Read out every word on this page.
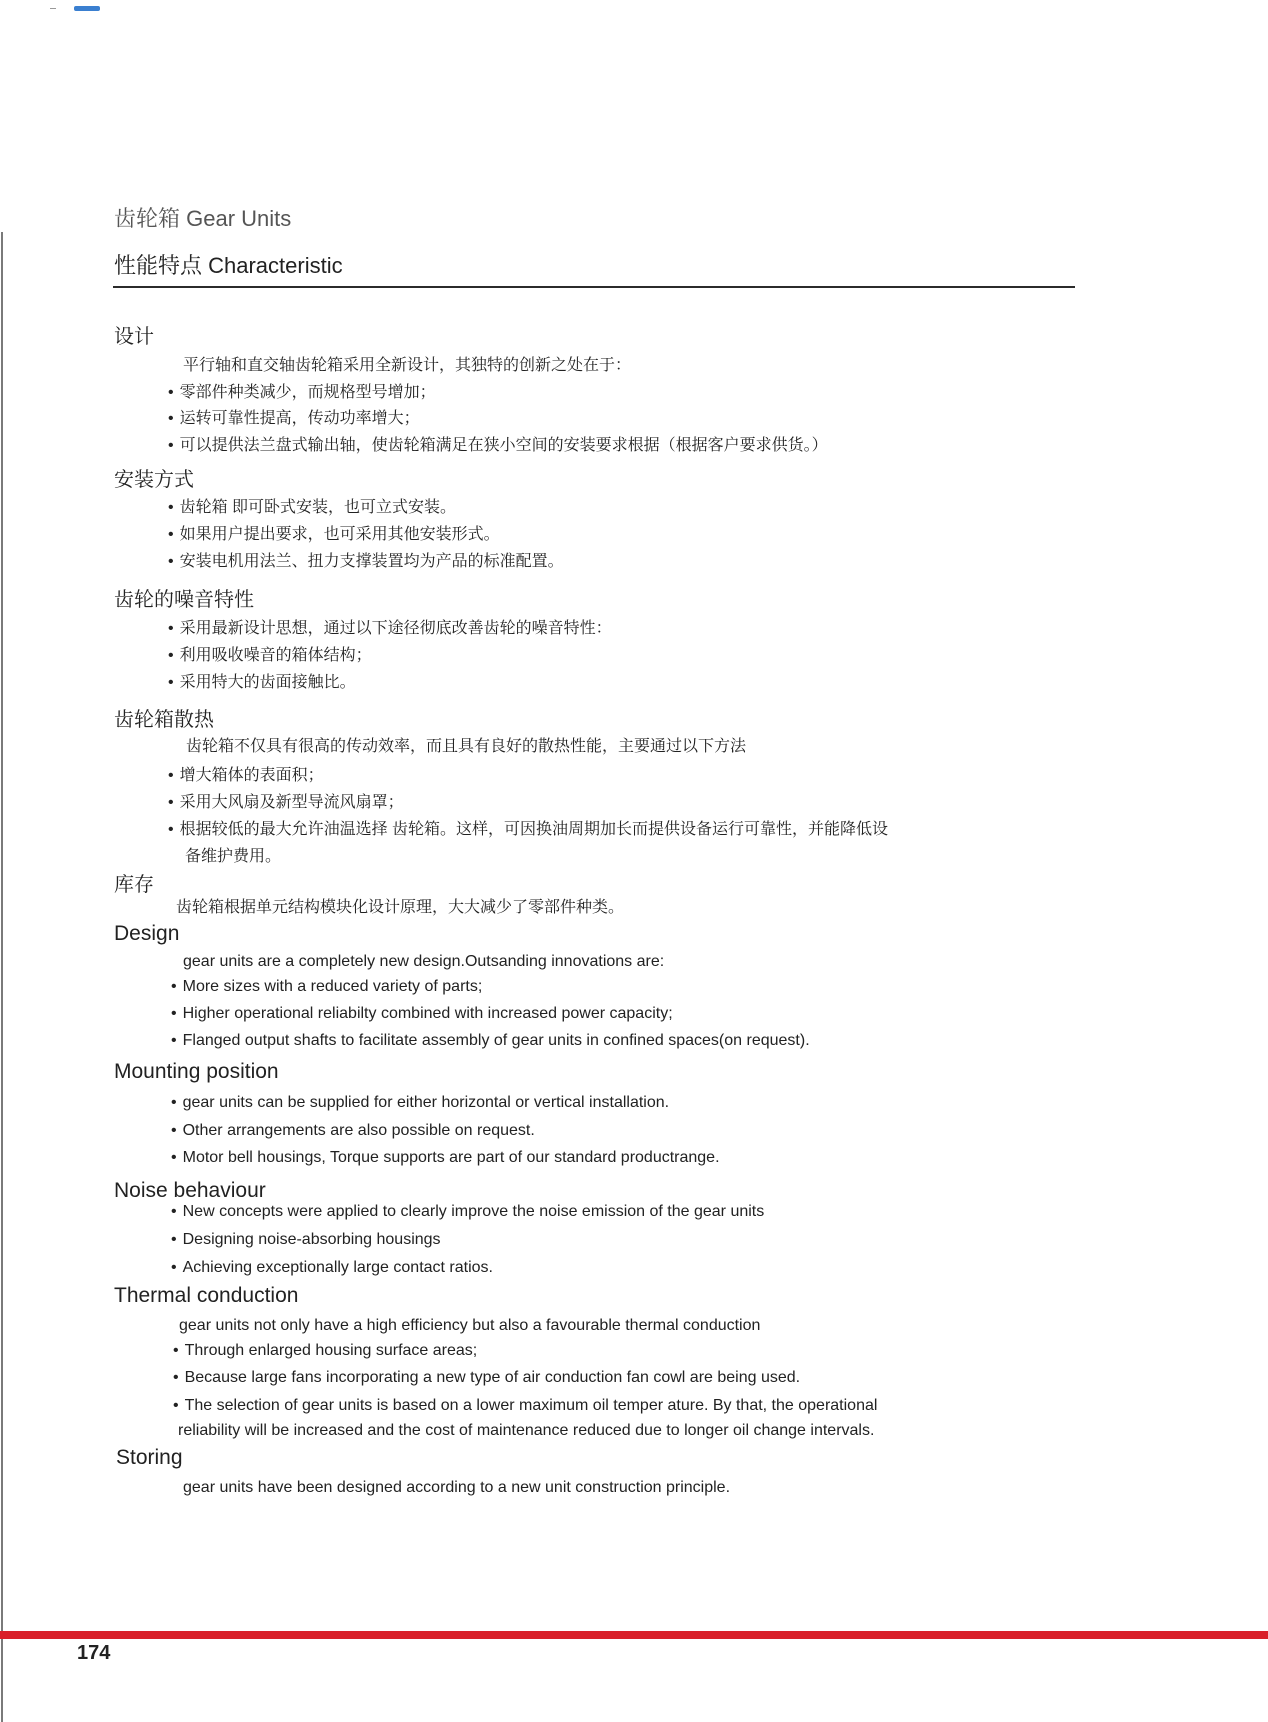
齿轮箱 Gear Units
性能特点 Characteristic
设计
平行轴和直交轴齿轮箱采用全新设计，其独特的创新之处在于：
• 零部件种类减少，而规格型号增加；
• 运转可靠性提高，传动功率增大；
• 可以提供法兰盘式输出轴，使齿轮箱满足在狭小空间的安装要求根据（根据客户要求供货。）
安装方式
• 齿轮箱 即可卧式安装，也可立式安装。
• 如果用户提出要求，也可采用其他安装形式。
• 安装电机用法兰、扭力支撑装置均为产品的标准配置。
齿轮的噪音特性
• 采用最新设计思想，通过以下途径彻底改善齿轮的噪音特性：
• 利用吸收噪音的箱体结构；
• 采用特大的齿面接触比。
齿轮箱散热
齿轮箱不仅具有很高的传动效率，而且具有良好的散热性能，主要通过以下方法
• 增大箱体的表面积；
• 采用大风扇及新型导流风扇罩；
• 根据较低的最大允许油温选择 齿轮箱。这样，可因换油周期加长而提供设备运行可靠性，并能降低设
备维护费用。
库存
齿轮箱根据单元结构模块化设计原理，大大减少了零部件种类。
Design
gear units are a completely new design.Outsanding innovations are:
• More sizes with a reduced variety of parts;
• Higher operational reliabilty combined with increased power capacity;
• Flanged output shafts to facilitate assembly of gear units in confined spaces(on request).
Mounting position
• gear units can be supplied for either horizontal or vertical installation.
• Other arrangements are also possible on request.
• Motor bell housings, Torque supports are part of our standard productrange.
Noise behaviour
• New concepts were applied to clearly improve the noise emission of the gear units
• Designing noise-absorbing housings
• Achieving exceptionally large contact ratios.
Thermal conduction
gear units not only have a high efficiency but also a favourable thermal conduction
• Through enlarged housing surface areas;
• Because large fans incorporating a new type of air conduction fan cowl are being used.
• The selection of gear units is based on a lower maximum oil temper ature. By that, the operational
reliability will be increased and the cost of maintenance reduced due to longer oil change intervals.
Storing
gear units have been designed according to a new unit construction principle.
174
